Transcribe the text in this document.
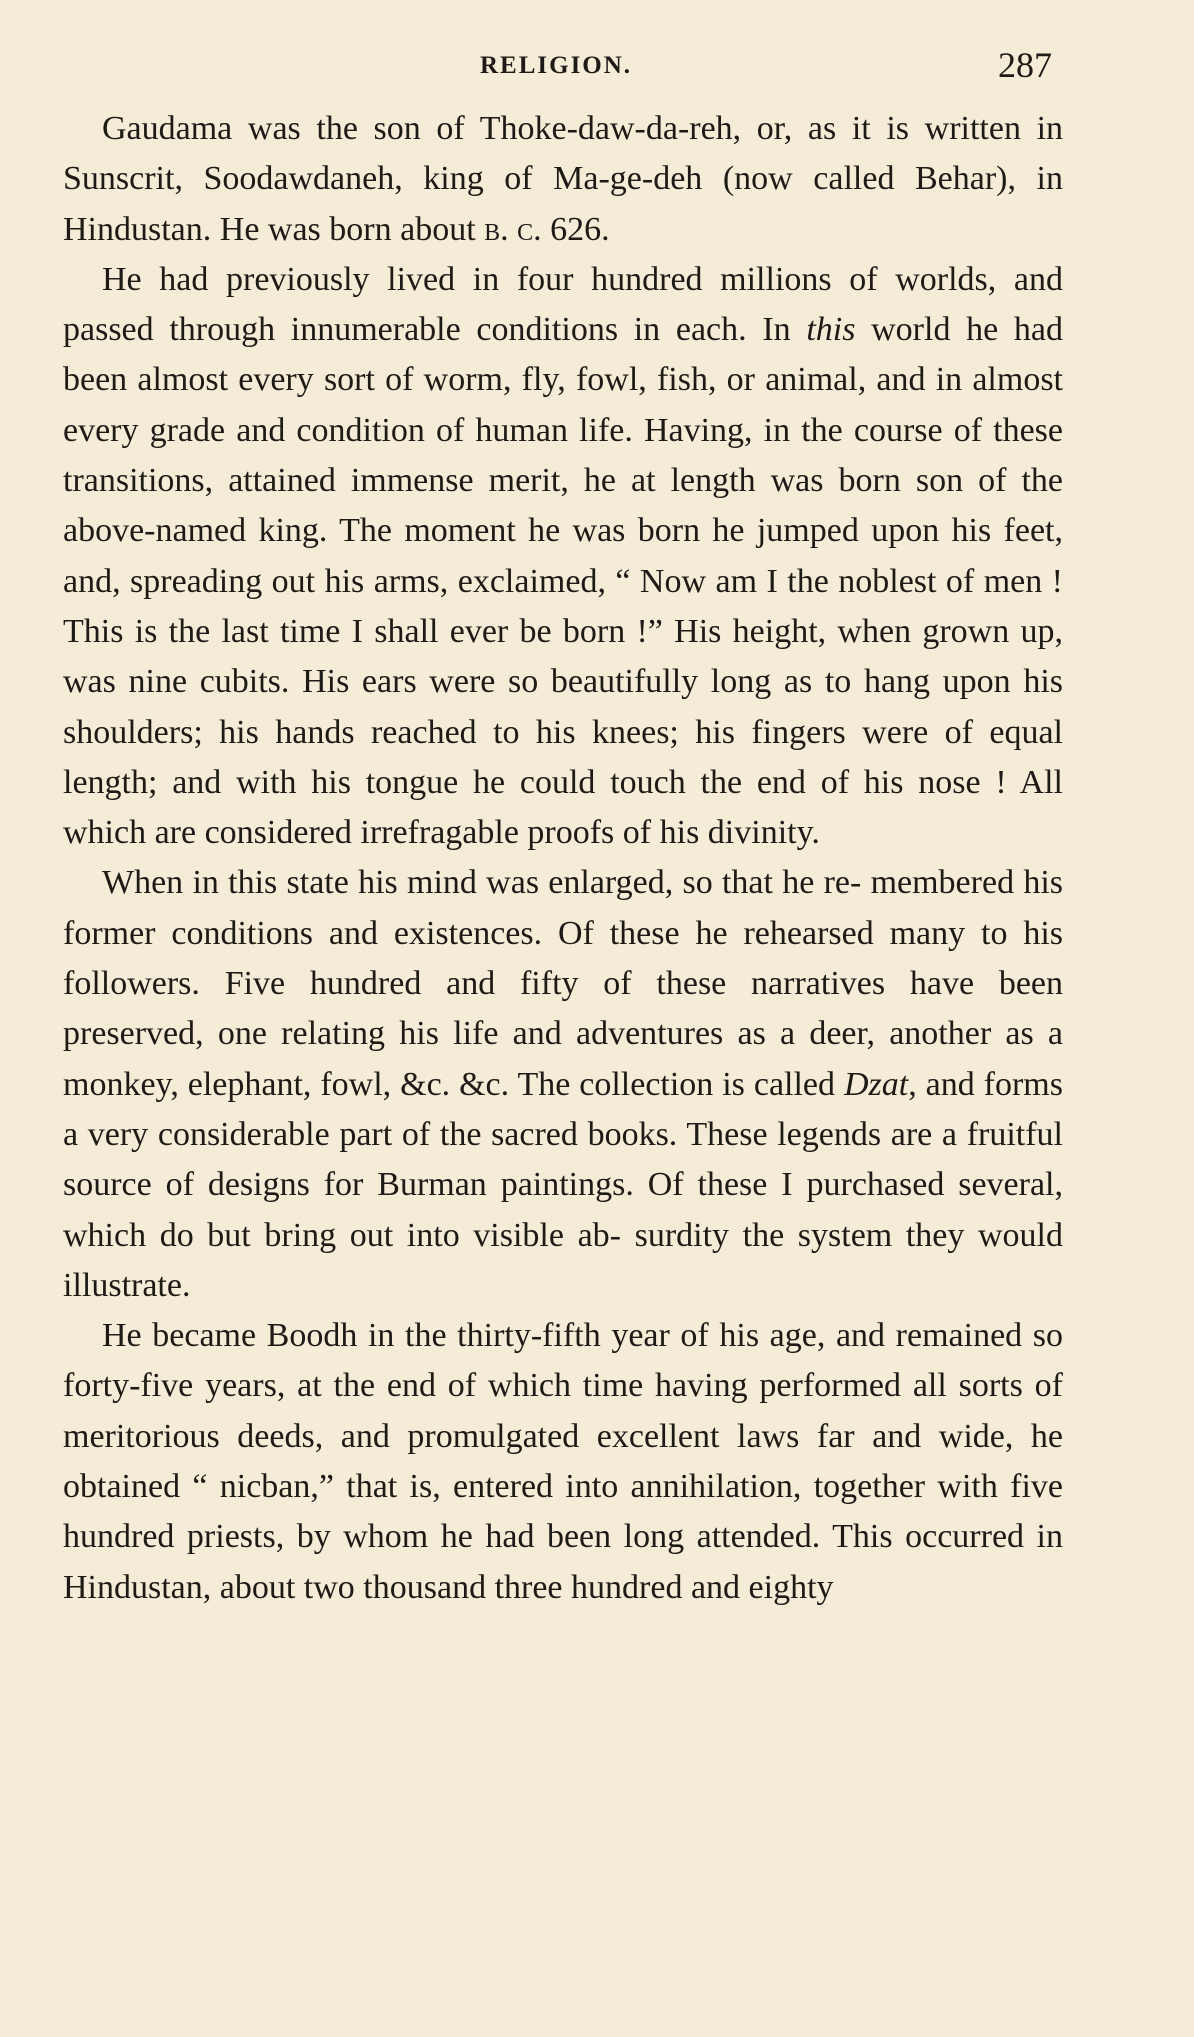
RELIGION.	287

Gaudama was the son of Thoke-daw-da-reh, or, as it is written in Sunscrit, Soodawdaneh, king of Ma-ge-deh (now called Behar), in Hindustan. He was born about b. c. 626.

He had previously lived in four hundred millions of worlds, and passed through innumerable conditions in each. In this world he had been almost every sort of worm, fly, fowl, fish, or animal, and in almost every grade and condition of human life. Having, in the course of these transitions, attained immense merit, he at length was born son of the above-named king. The moment he was born he jumped upon his feet, and, spreading out his arms, exclaimed, “ Now am I the noblest of men ! This is the last time I shall ever be born !” His height, when grown up, was nine cubits. His ears were so beautifully long as to hang upon his shoulders; his hands reached to his knees; his fingers were of equal length; and with his tongue he could touch the end of his nose ! All which are considered irrefragable proofs of his divinity.

When in this state his mind was enlarged, so that he re- membered his former conditions and existences. Of these he rehearsed many to his followers. Five hundred and fifty of these narratives have been preserved, one relating his life and adventures as a deer, another as a monkey, elephant, fowl, &c. &c. The collection is called Dzat, and forms a very considerable part of the sacred books. These legends are a fruitful source of designs for Burman paintings. Of these I purchased several, which do but bring out into visible ab- surdity the system they would illustrate.

He became Boodh in the thirty-fifth year of his age, and remained so forty-five years, at the end of which time having performed all sorts of meritorious deeds, and promulgated excellent laws far and wide, he obtained “ nicban,” that is, entered into annihilation, together with five hundred priests, by whom he had been long attended. This occurred in Hindustan, about two thousand three hundred and eighty
